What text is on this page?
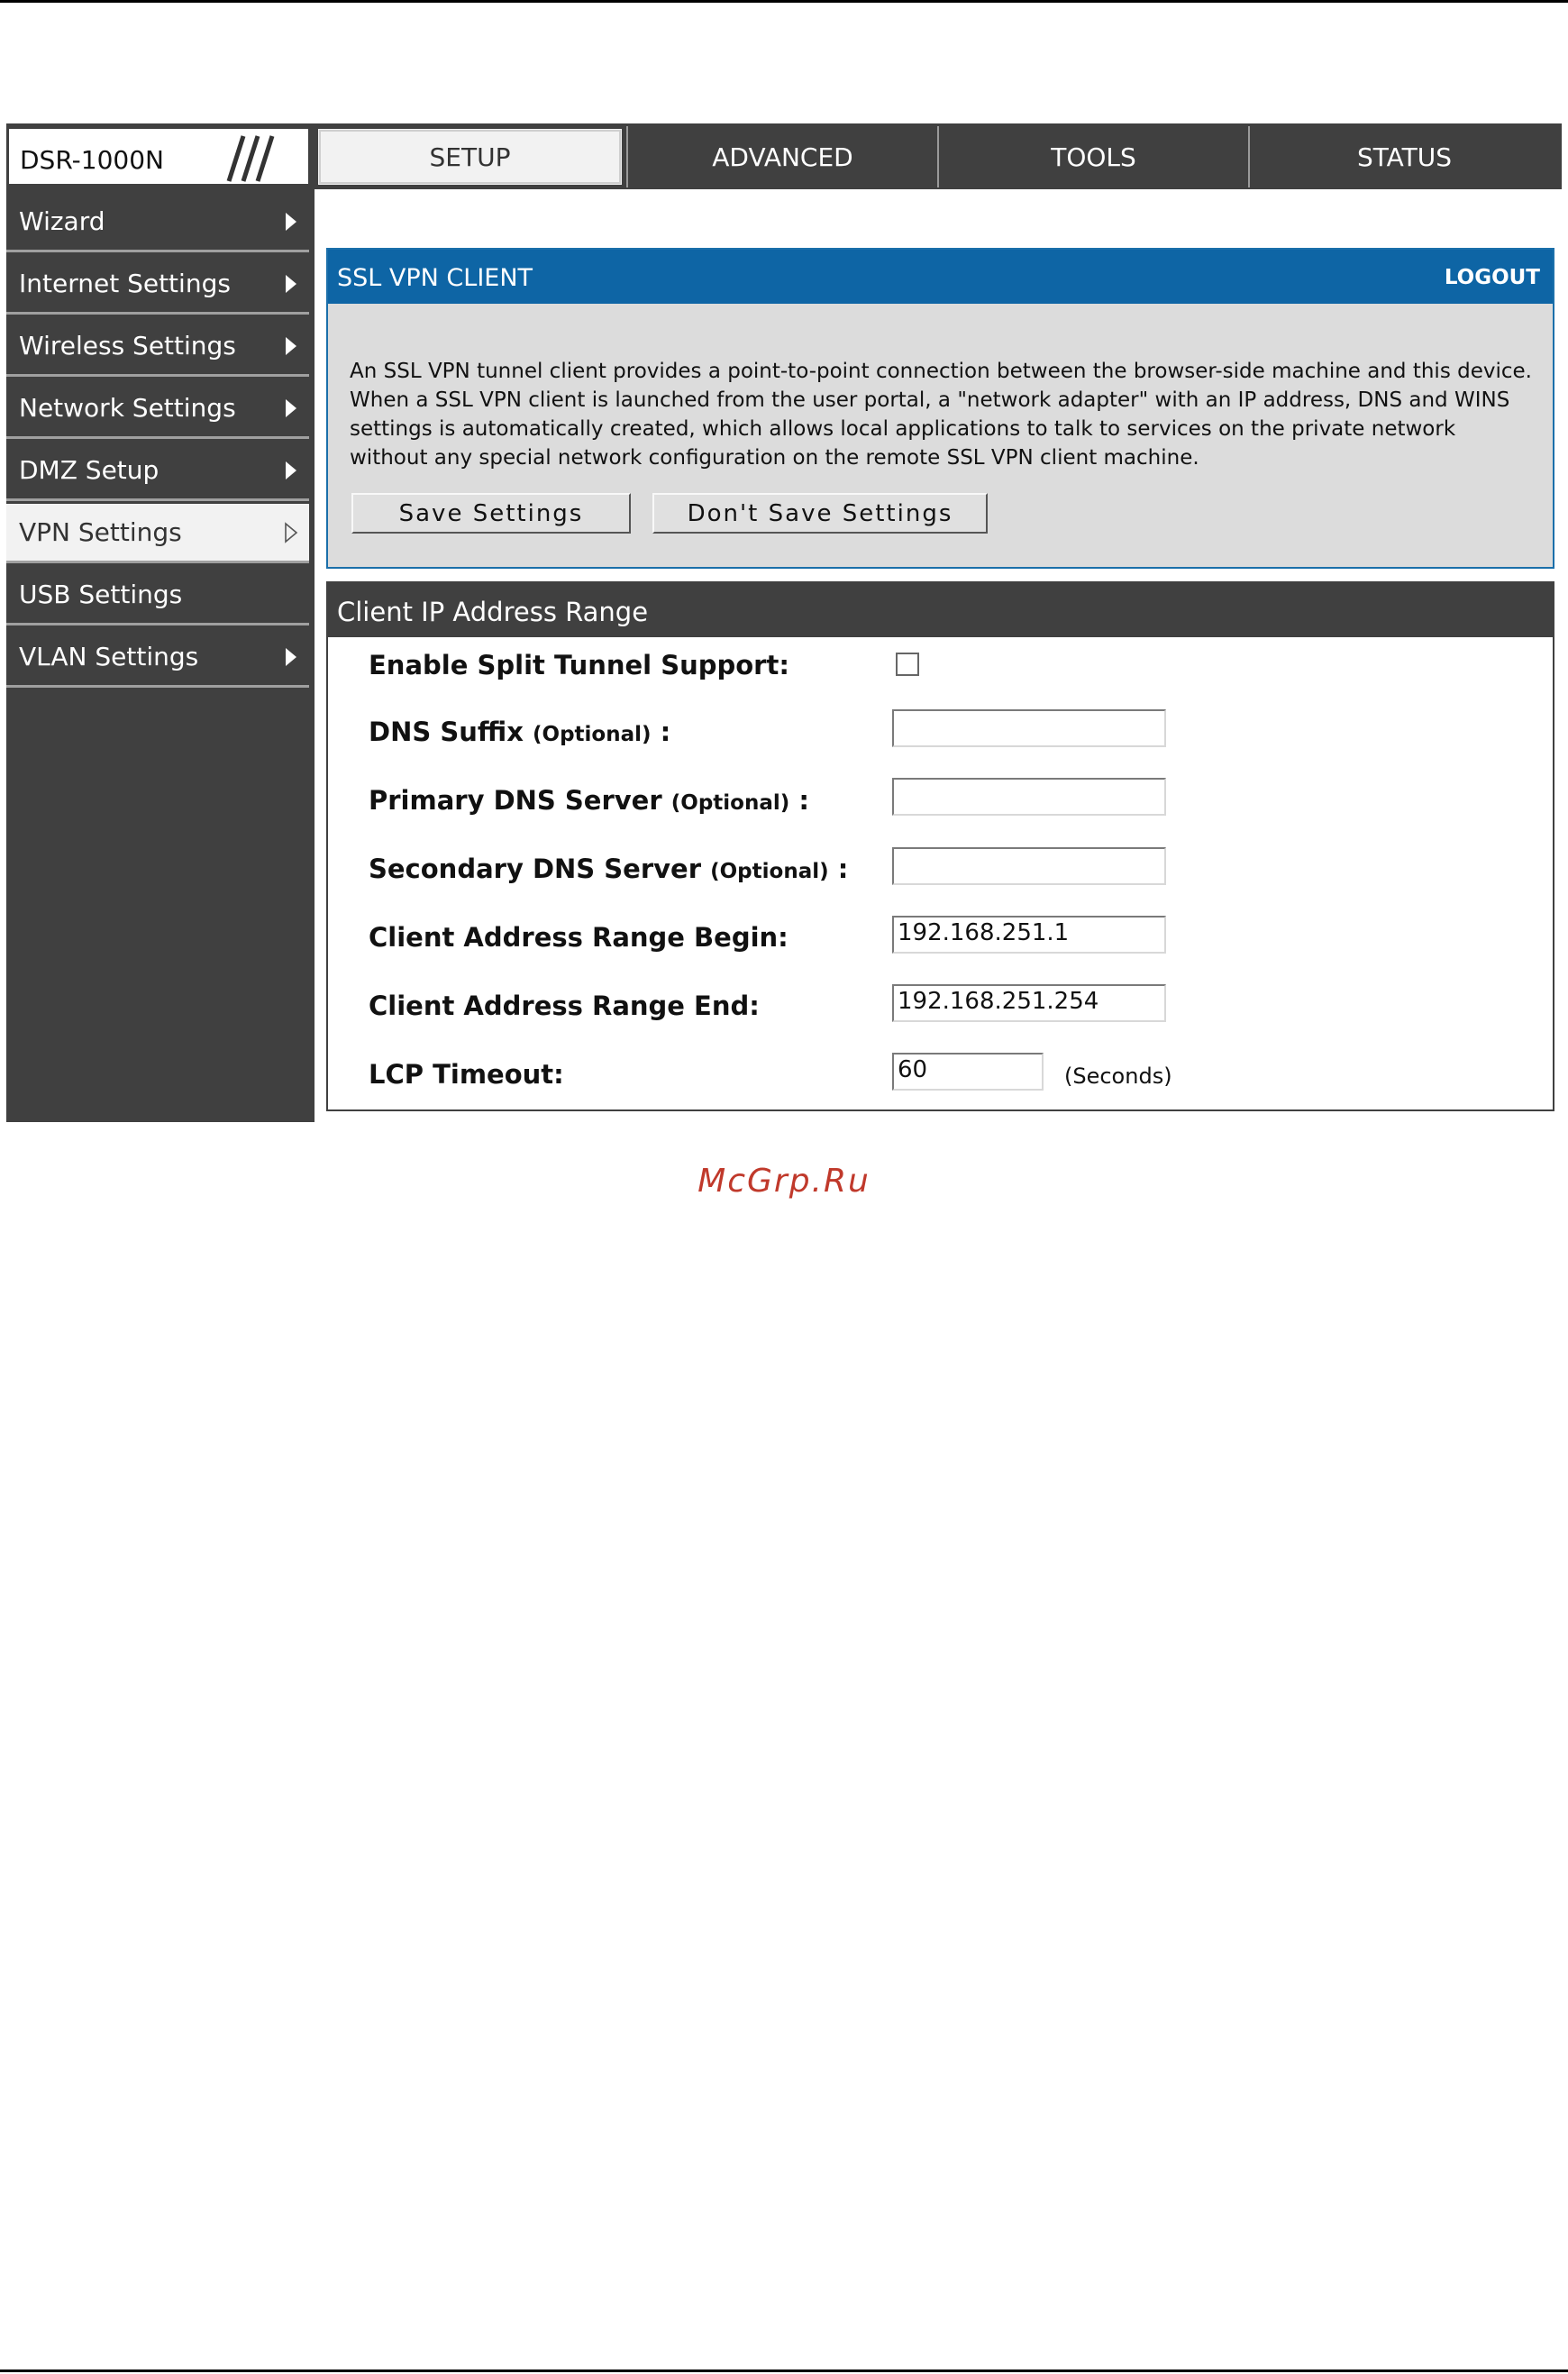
DSR-1000N	SETUP	ADVANCED	TOOLS	STATUS
Wizard
Internet Settings
Wireless Settings
Network Settings
DMZ Setup
VPN Settings
USB Settings
VLAN Settings
SSL VPN CLIENT	LOGOUT
An SSL VPN tunnel client provides a point-to-point connection between the browser-side machine and this device. When a SSL VPN client is launched from the user portal, a "network adapter" with an IP address, DNS and WINS settings is automatically created, which allows local applications to talk to services on the private network without any special network configuration on the remote SSL VPN client machine.
Save Settings	Don't Save Settings
Client IP Address Range
Enable Split Tunnel Support:
DNS Suffix (Optional) :
Primary DNS Server (Optional) :
Secondary DNS Server (Optional) :
Client Address Range Begin:	192.168.251.1
Client Address Range End:	192.168.251.254
LCP Timeout:	60	(Seconds)
McGrp.Ru
